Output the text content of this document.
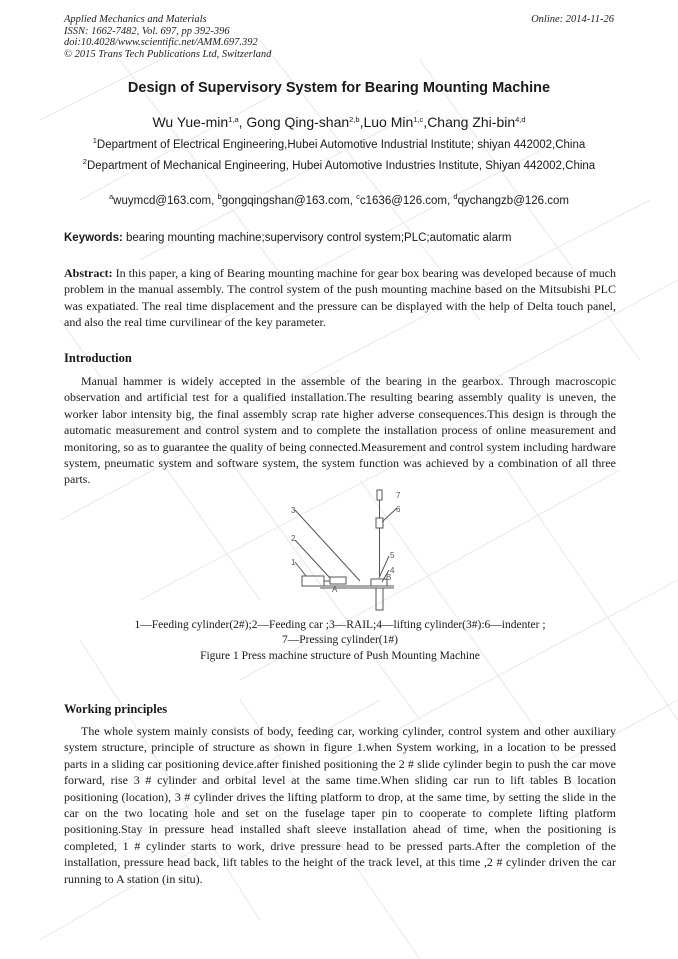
Applied Mechanics and Materials
ISSN: 1662-7482, Vol. 697, pp 392-396
doi:10.4028/www.scientific.net/AMM.697.392
© 2015 Trans Tech Publications Ltd, Switzerland
Online: 2014-11-26
Design of Supervisory System for Bearing Mounting Machine
Wu Yue-$\min^{1,a}$, Gong Qing-shan$^{2,b}$,Luo Min$^{1,c}$,Chang Zhi-bin$^{4,d}$
$^1$Department of Electrical Engineering,Hubei Automotive Industrial Institute; shiyan 442002,China
$^2$Department of Mechanical Engineering, Hubei Automotive Industries Institute, Shiyan 442002,China
$^a$wuymcd@163.com, $^b$gongqingshan@163.com, $^c$c1636@126.com, $^d$qychangzb@126.com
Keywords: bearing mounting machine;supervisory control system;PLC;automatic alarm
Abstract: In this paper, a king of Bearing mounting machine for gear box bearing was developed because of much problem in the manual assembly. The control system of the push mounting machine based on the Mitsubishi PLC was expatiated. The real time displacement and the pressure can be displayed with the help of Delta touch panel, and also the real time curvilinear of the key parameter.
Introduction
Manual hammer is widely accepted in the assemble of the bearing in the gearbox. Through macroscopic observation and artificial test for a qualified installation.The resulting bearing assembly quality is uneven, the worker labor intensity big, the final assembly scrap rate higher adverse consequences.This design is through the automatic measurement and control system and to complete the installation process of online measurement and monitoring, so as to guarantee the quality of being connected.Measurement and control system including hardware system, pneumatic system and software system, the system function was achieved by a combination of all three parts.
3
2
1
7
6
5
4
A
B
1—Feeding cylinder(2#);2—Feeding car ;3—RAIL;4—lifting cylinder(3#):6—indenter ;
7—Pressing cylinder(1#)
Figure 1 Press machine structure of Push Mounting Machine
Working principles
The whole system mainly consists of body, feeding car, working cylinder, control system and other auxiliary system structure, principle of structure as shown in figure 1.when System working, in a location to be pressed parts in a sliding car positioning device.after finished positioning the 2 # slide cylinder begin to push the car move forward, rise 3 # cylinder and orbital level at the same time.When sliding car run to lift tables B location positioning (location), 3 # cylinder drives the lifting platform to drop, at the same time, by setting the slide in the car on the two locating hole and set on the fuselage taper pin to cooperate to complete lifting platform positioning.Stay in pressure head installed shaft sleeve installation ahead of time, when the positioning is completed, 1 # cylinder starts to work, drive pressure head to be pressed parts.After the completion of the installation, pressure head back, lift tables to the height of the track level, at this time ,2 # cylinder driven the car running to A station (in situ).
